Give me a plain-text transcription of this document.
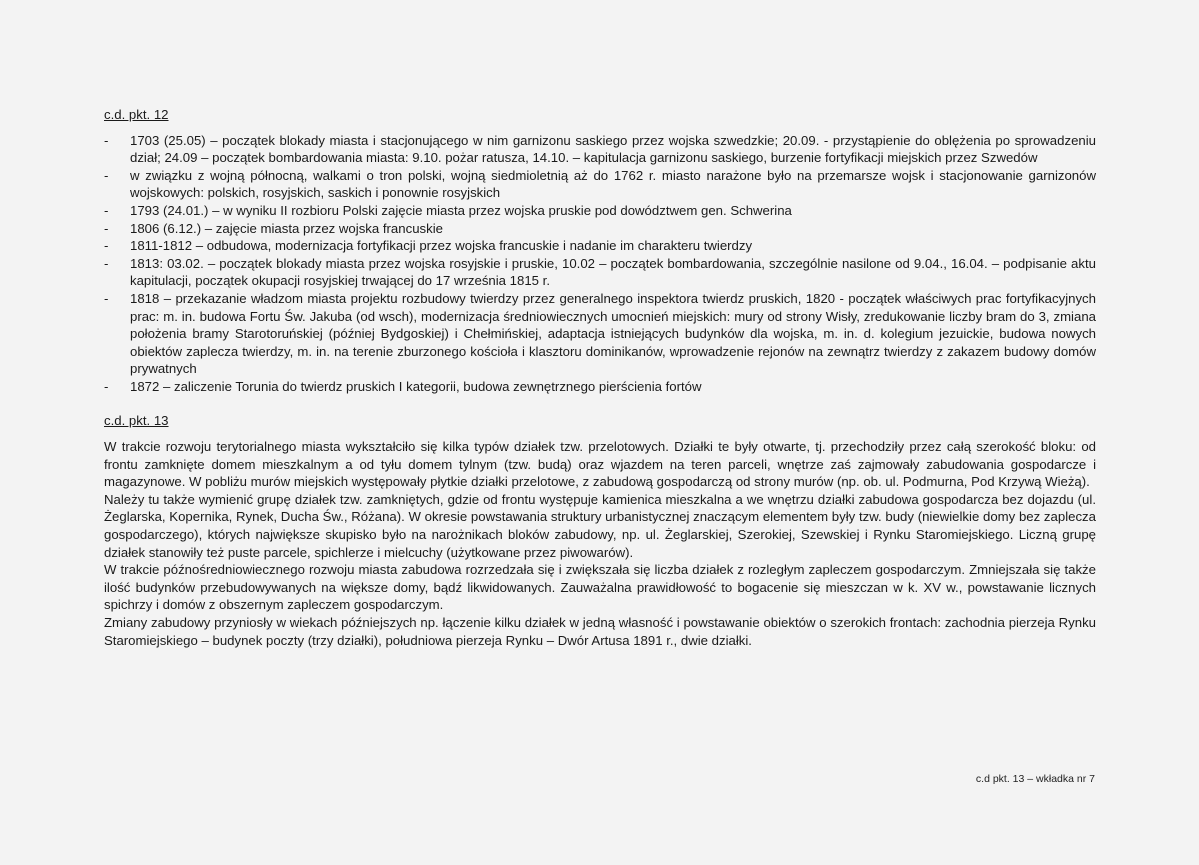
c.d. pkt. 12
- 1703 (25.05) – początek blokady miasta i stacjonującego w nim garnizonu saskiego przez wojska szwedzkie; 20.09. - przystąpienie do oblężenia po sprowadzeniu dział; 24.09 – początek bombardowania miasta: 9.10. pożar ratusza, 14.10. – kapitulacja garnizonu saskiego, burzenie fortyfikacji miejskich przez Szwedów
- w związku z wojną północną, walkami o tron polski, wojną siedmioletnią aż do 1762 r. miasto narażone było na przemarsze wojsk i stacjonowanie garnizonów wojskowych: polskich, rosyjskich, saskich i ponownie rosyjskich
- 1793 (24.01.) – w wyniku II rozbioru Polski zajęcie miasta przez wojska pruskie pod dowództwem gen. Schwerina
- 1806 (6.12.) – zajęcie miasta przez wojska francuskie
- 1811-1812 – odbudowa, modernizacja fortyfikacji przez wojska francuskie i nadanie im charakteru twierdzy
- 1813: 03.02. – początek blokady miasta przez wojska rosyjskie i pruskie, 10.02 – początek bombardowania, szczególnie nasilone od 9.04., 16.04. – podpisanie aktu kapitulacji, początek okupacji rosyjskiej trwającej do 17 września 1815 r.
- 1818 – przekazanie władzom miasta projektu rozbudowy twierdzy przez generalnego inspektora twierdz pruskich, 1820 - początek właściwych prac fortyfikacyjnych prac: m. in. budowa Fortu Św. Jakuba (od wsch), modernizacja średniowiecznych umocnień miejskich: mury od strony Wisły, zredukowanie liczby bram do 3, zmiana położenia bramy Starotoruńskiej (później Bydgoskiej) i Chełmińskiej, adaptacja istniejących budynków dla wojska, m. in. d. kolegium jezuickie, budowa nowych obiektów zaplecza twierdzy, m. in. na terenie zburzonego kościoła i klasztoru dominikanów, wprowadzenie rejonów na zewnątrz twierdzy z zakazem budowy domów prywatnych
- 1872 – zaliczenie Torunia do twierdz pruskich I kategorii, budowa zewnętrznego pierścienia fortów
c.d. pkt. 13

W trakcie rozwoju terytorialnego miasta wykształciło się kilka typów działek tzw. przelotowych. Działki te były otwarte, tj. przechodziły przez całą szerokość bloku: od frontu zamknięte domem mieszkalnym a od tyłu domem tylnym (tzw. budą) oraz wjazdem na teren parceli, wnętrze zaś zajmowały zabudowania gospodarcze i magazynowe. W pobliżu murów miejskich występowały płytkie działki przelotowe, z zabudową gospodarczą od strony murów (np. ob. ul. Podmurna, Pod Krzywą Wieżą).

Należy tu także wymienić grupę działek tzw. zamkniętych, gdzie od frontu występuje kamienica mieszkalna a we wnętrzu działki zabudowa gospodarcza bez dojazdu (ul. Żeglarska, Kopernika, Rynek, Ducha Św., Różana). W okresie powstawania struktury urbanistycznej znaczącym elementem były tzw. budy (niewielkie domy bez zaplecza gospodarczego), których największe skupisko było na narożnikach bloków zabudowy, np. ul. Żeglarskiej, Szerokiej, Szewskiej i Rynku Staromiejskiego. Liczną grupę działek stanowiły też puste parcele, spichlerze i mielcuchy (użytkowane przez piwowarów).

W trakcie późnośredniowiecznego rozwoju miasta zabudowa rozrzedzała się i zwiększała się liczba działek z rozległym zapleczem gospodarczym. Zmniejszała się także ilość budynków przebudowywanych na większe domy, bądź likwidowanych. Zauważalna prawidłowość to bogacenie się mieszczan w k. XV w., powstawanie licznych spichrzy i domów z obszernym zapleczem gospodarczym.

Zmiany zabudowy przyniosły w wiekach późniejszych np. łączenie kilku działek w jedną własność i powstawanie obiektów o szerokich frontach: zachodnia pierzeja Rynku Staromiejskiego – budynek poczty (trzy działki), południowa pierzeja Rynku – Dwór Artusa 1891 r., dwie działki.

c.d pkt. 13 – wkładka nr 7
